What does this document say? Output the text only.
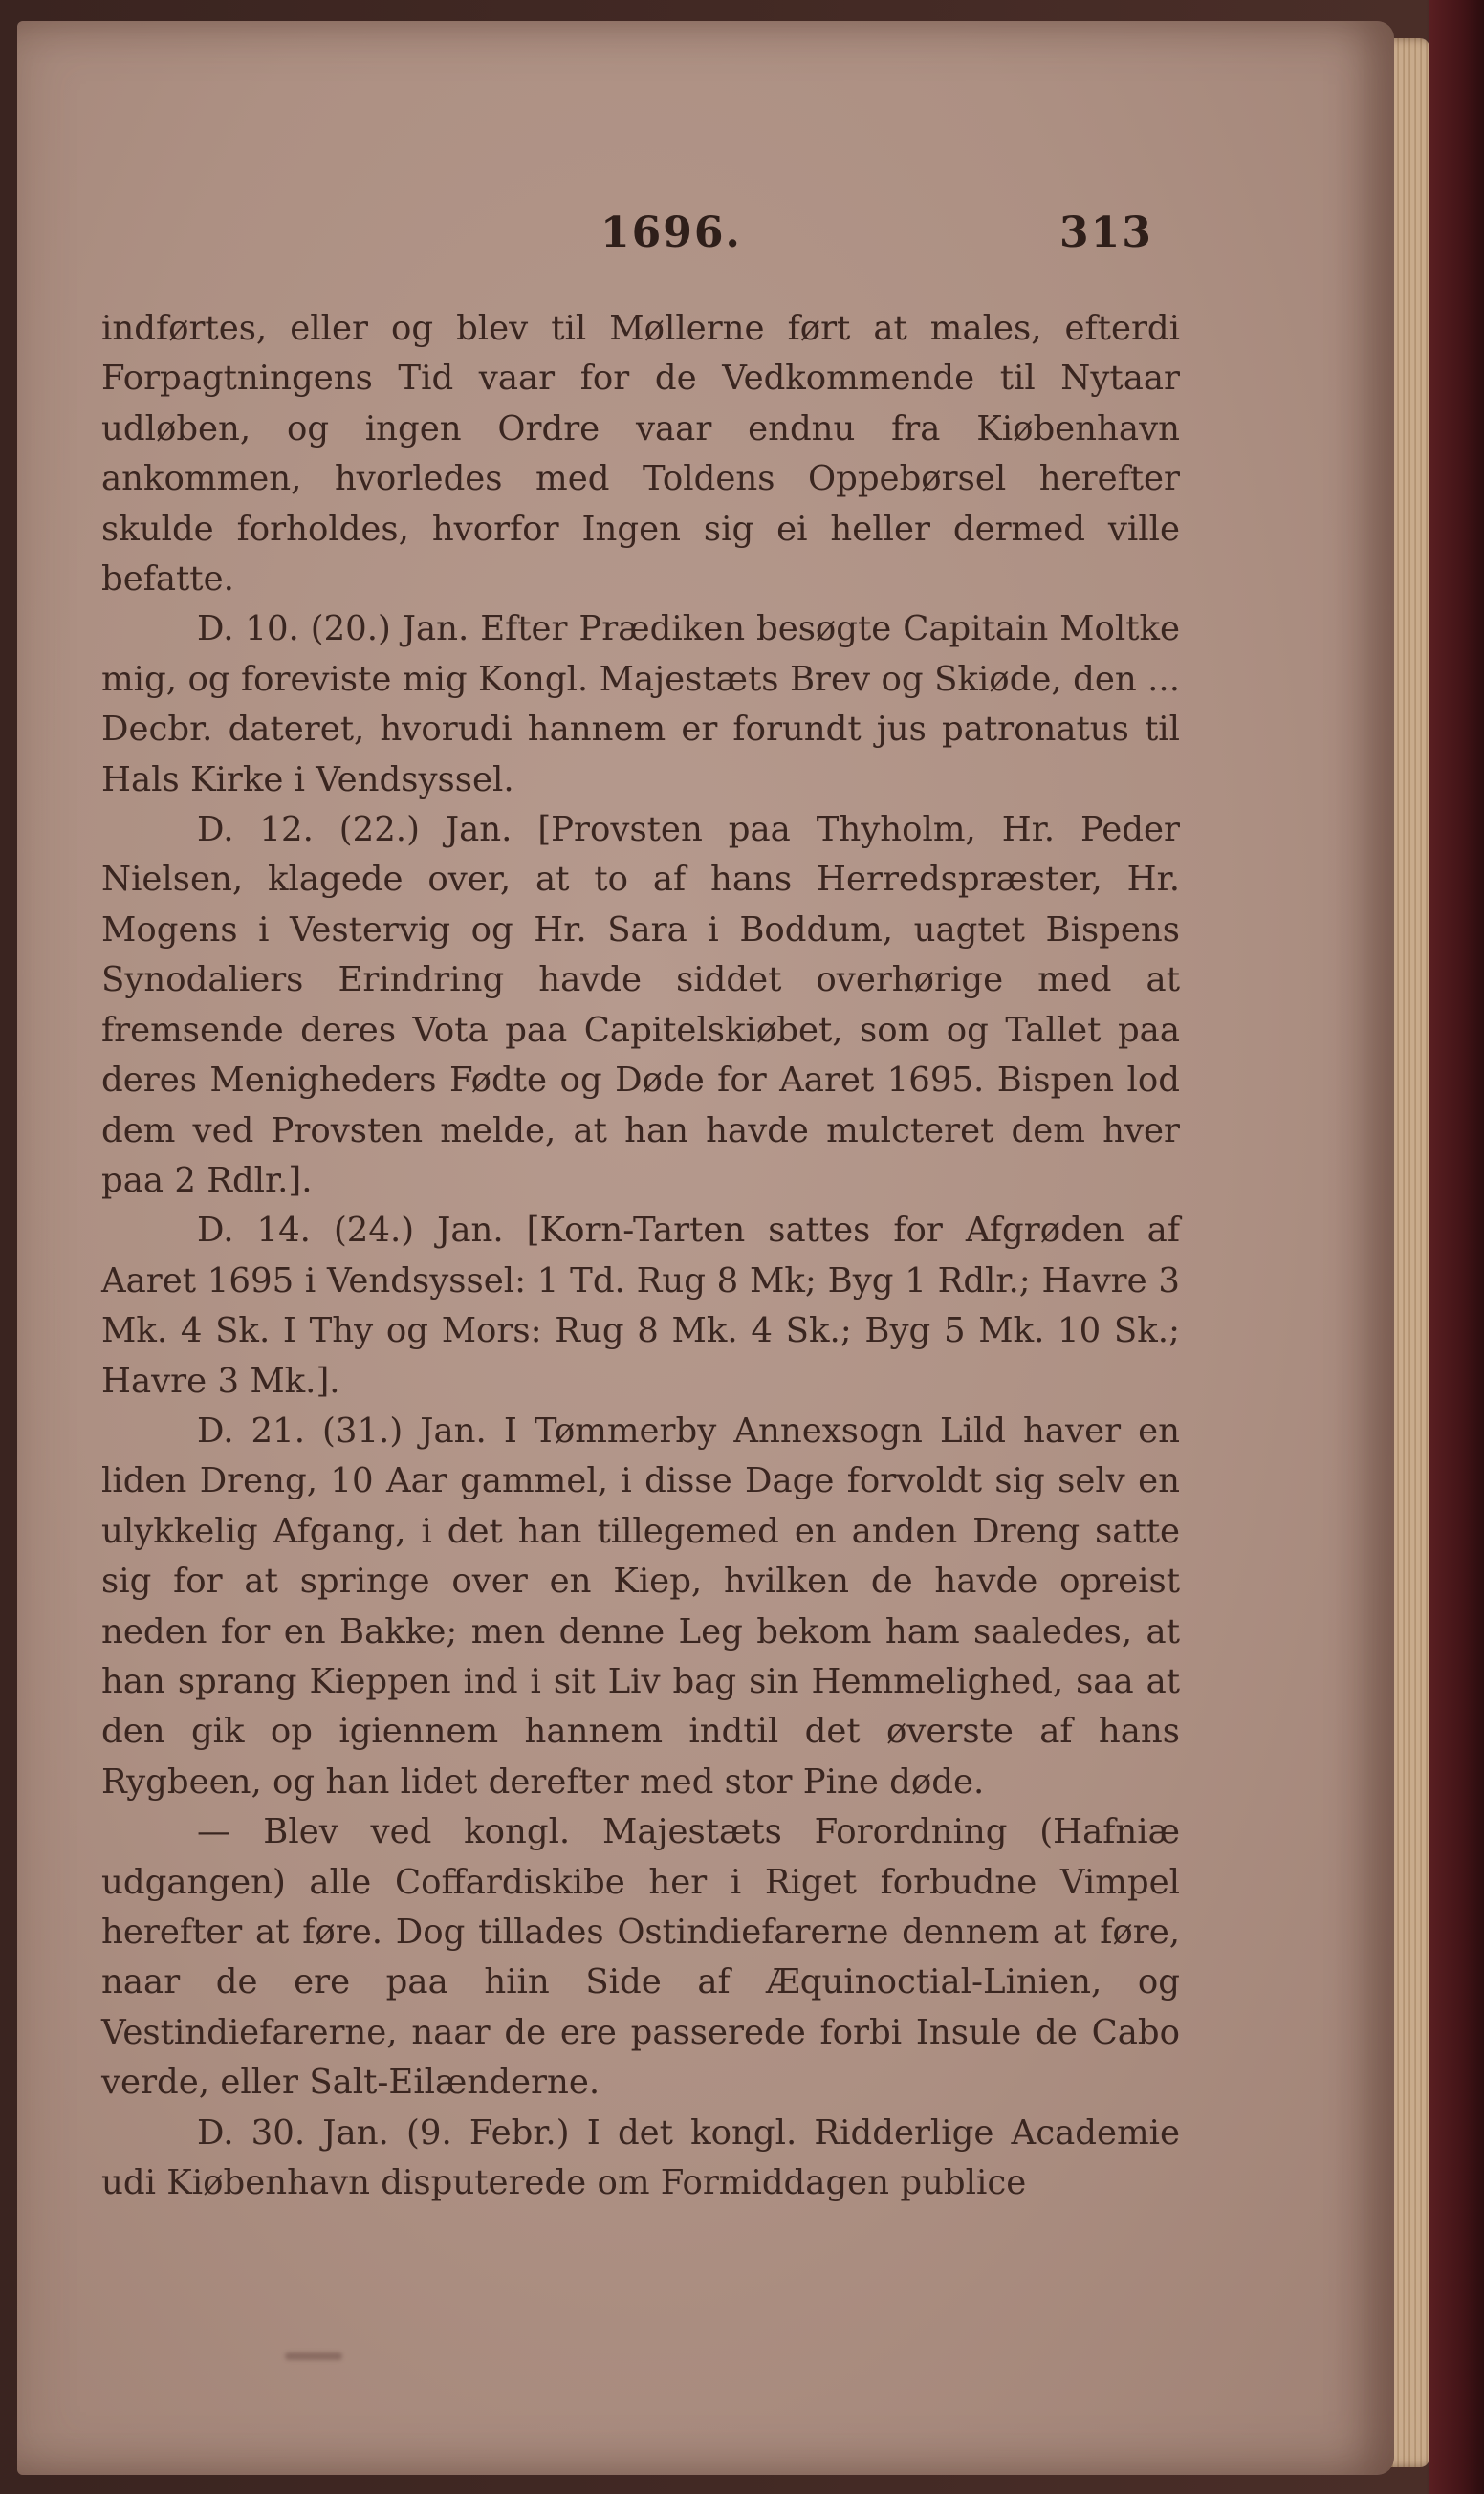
1696.	313

indførtes, eller og blev til Møllerne ført at males, efterdi Forpagtningens Tid vaar for de Vedkommende til Nytaar udløben, og ingen Ordre vaar endnu fra Kiøbenhavn ankommen, hvorledes med Toldens Oppebørsel herefter skulde forholdes, hvorfor Ingen sig ei heller dermed ville befatte.

D. 10. (20.) Jan. Efter Prædiken besøgte Capitain Moltke mig, og foreviste mig Kongl. Majestæts Brev og Skiøde, den ... Decbr. dateret, hvorudi hannem er forundt jus patronatus til Hals Kirke i Vendsyssel.

D. 12. (22.) Jan. [Provsten paa Thyholm, Hr. Peder Nielsen, klagede over, at to af hans Herredspræster, Hr. Mogens i Vestervig og Hr. Sara i Boddum, uagtet Bispens Synodaliers Erindring havde siddet overhørige med at fremsende deres Vota paa Capitelskiøbet, som og Tallet paa deres Menigheders Fødte og Døde for Aaret 1695. Bispen lod dem ved Provsten melde, at han havde mulcteret dem hver paa 2 Rdlr.].

D. 14. (24.) Jan. [Korn-Tarten sattes for Afgrøden af Aaret 1695 i Vendsyssel: 1 Td. Rug 8 Mk; Byg 1 Rdlr.; Havre 3 Mk. 4 Sk. I Thy og Mors: Rug 8 Mk. 4 Sk.; Byg 5 Mk. 10 Sk.; Havre 3 Mk.].

D. 21. (31.) Jan. I Tømmerby Annexsogn Lild haver en liden Dreng, 10 Aar gammel, i disse Dage forvoldt sig selv en ulykkelig Afgang, i det han tillegemed en anden Dreng satte sig for at springe over en Kiep, hvilken de havde opreist neden for en Bakke; men denne Leg bekom ham saaledes, at han sprang Kieppen ind i sit Liv bag sin Hemmelighed, saa at den gik op igiennem hannem indtil det øverste af hans Rygbeen, og han lidet derefter med stor Pine døde.

— Blev ved kongl. Majestæts Forordning (Hafniæ udgangen) alle Coffardiskibe her i Riget forbudne Vimpel herefter at føre. Dog tillades Ostindiefarerne dennem at føre, naar de ere paa hiin Side af Æquinoctial-Linien, og Vestindiefarerne, naar de ere passerede forbi Insule de Cabo verde, eller Salt-Eilænderne.

D. 30. Jan. (9. Febr.) I det kongl. Ridderlige Academie udi Kiøbenhavn disputerede om Formiddagen publice
